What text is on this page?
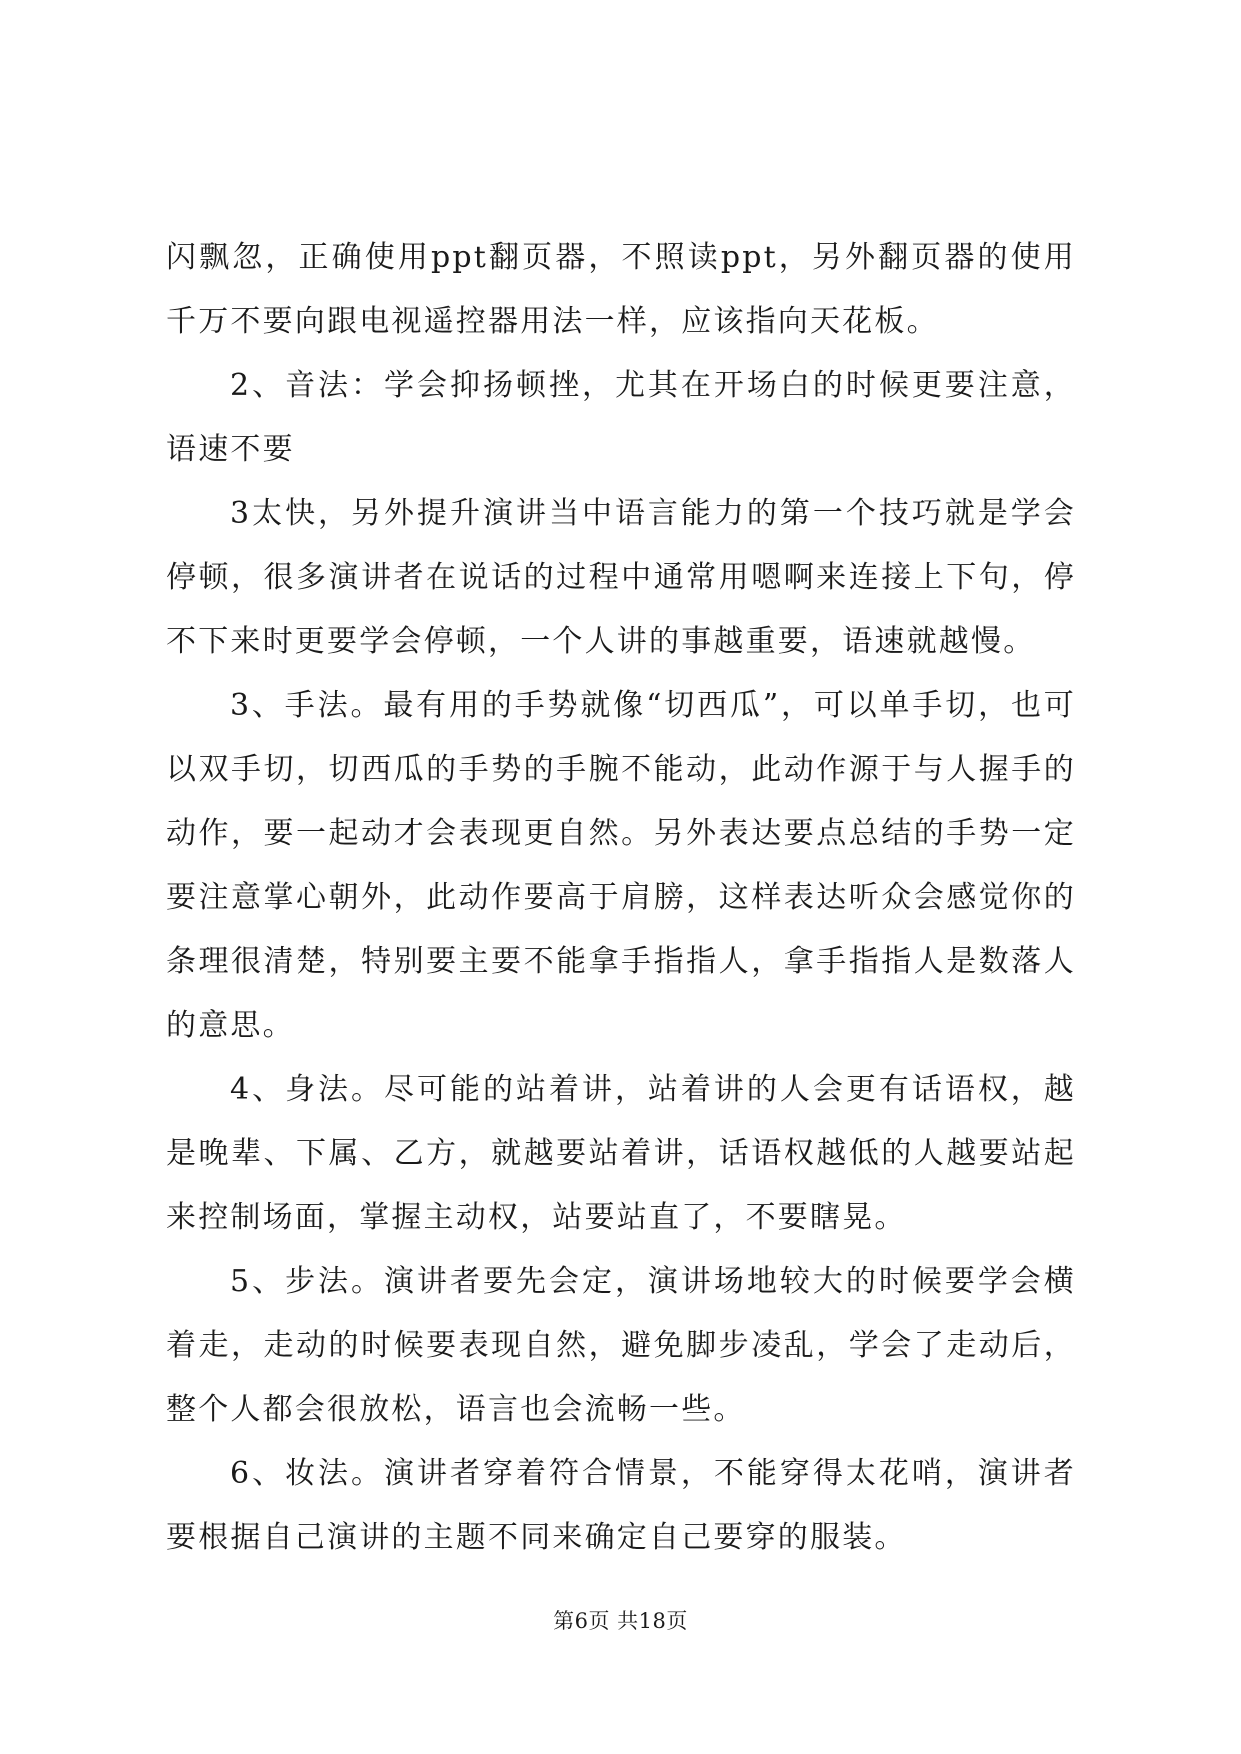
闪飘忽，正确使用ppt翻页器，不照读ppt，另外翻页器的使用千万不要向跟电视遥控器用法一样，应该指向天花板。

2、音法：学会抑扬顿挫，尤其在开场白的时候更要注意，语速不要

3太快，另外提升演讲当中语言能力的第一个技巧就是学会停顿，很多演讲者在说话的过程中通常用嗯啊来连接上下句，停不下来时更要学会停顿，一个人讲的事越重要，语速就越慢。

3、手法。最有用的手势就像“切西瓜”，可以单手切，也可以双手切，切西瓜的手势的手腕不能动，此动作源于与人握手的动作，要一起动才会表现更自然。另外表达要点总结的手势一定要注意掌心朝外，此动作要高于肩膀，这样表达听众会感觉你的条理很清楚，特别要主要不能拿手指指人，拿手指指人是数落人的意思。

4、身法。尽可能的站着讲，站着讲的人会更有话语权，越是晚辈、下属、乙方，就越要站着讲，话语权越低的人越要站起来控制场面，掌握主动权，站要站直了，不要瞎晃。

5、步法。演讲者要先会定，演讲场地较大的时候要学会横着走，走动的时候要表现自然，避免脚步凌乱，学会了走动后，整个人都会很放松，语言也会流畅一些。

6、妆法。演讲者穿着符合情景，不能穿得太花哨，演讲者要根据自己演讲的主题不同来确定自己要穿的服装。

第6页 共18页
